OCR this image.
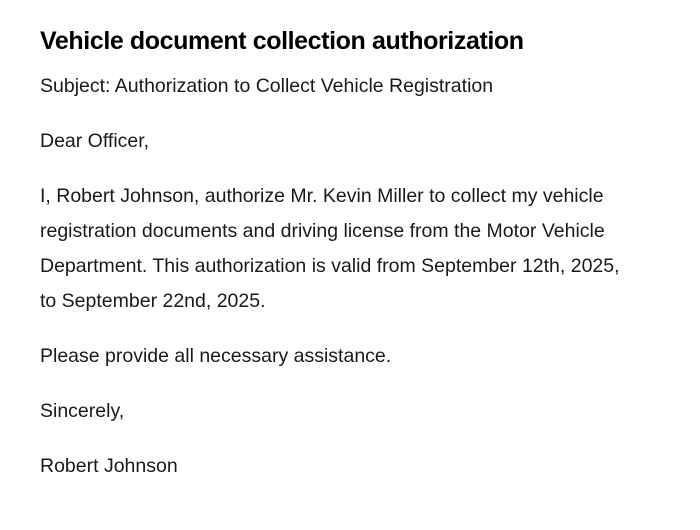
Vehicle document collection authorization

Subject: Authorization to Collect Vehicle Registration

Dear Officer,

I, Robert Johnson, authorize Mr. Kevin Miller to collect my vehicle registration documents and driving license from the Motor Vehicle Department. This authorization is valid from September 12th, 2025, to September 22nd, 2025.

Please provide all necessary assistance.

Sincerely,

Robert Johnson
